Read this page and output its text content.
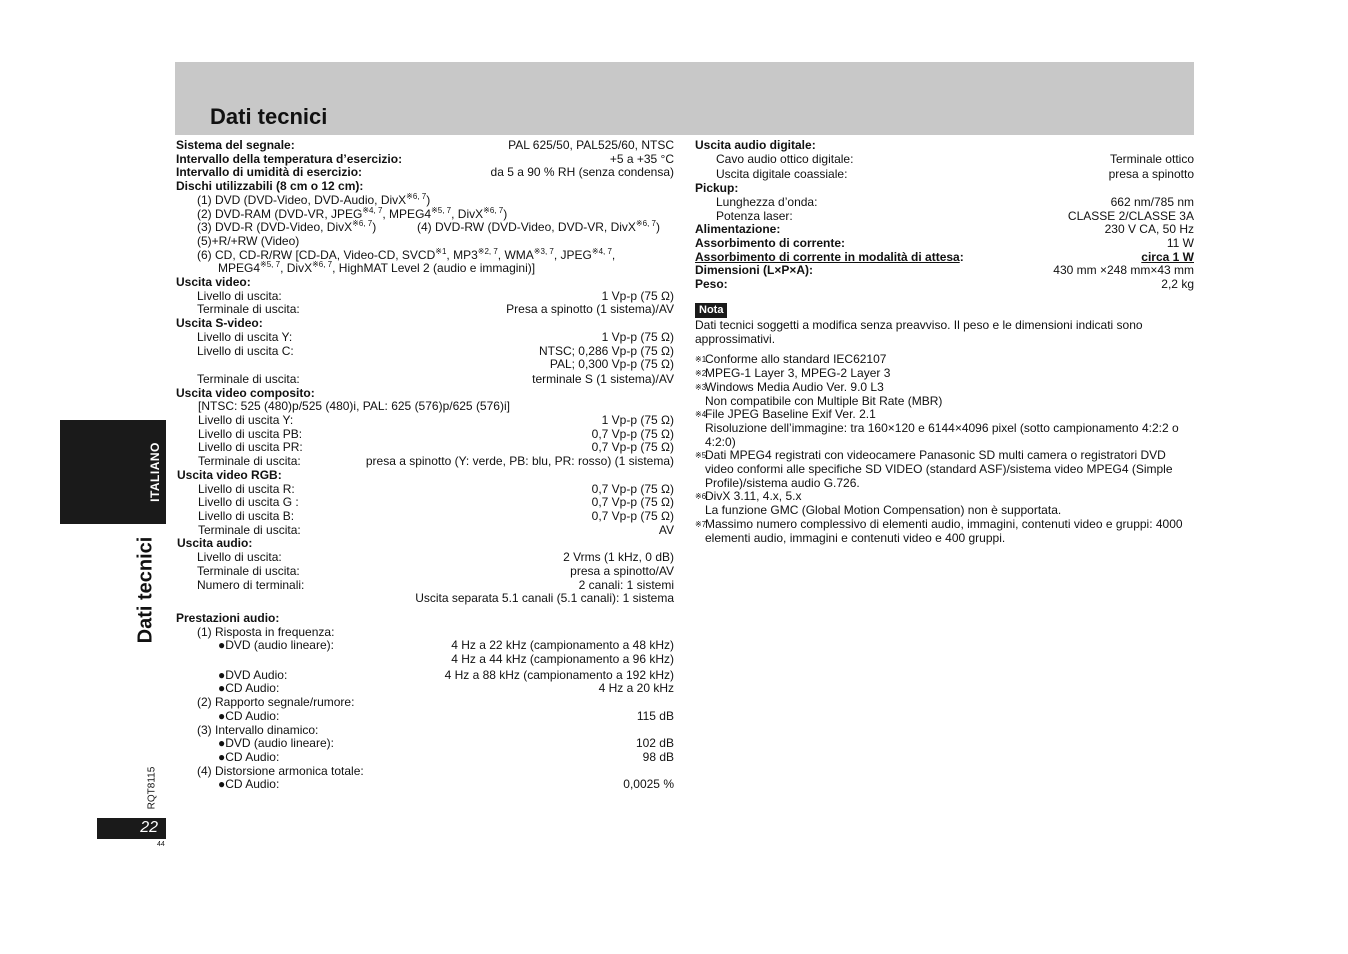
Dati tecnici
Sistema del segnale:	PAL 625/50, PAL525/60, NTSC
Intervallo della temperatura d’esercizio:	+5 a +35 °C
Intervallo di umidità di esercizio:	da 5 a 90 % RH (senza condensa)
Dischi utilizzabili (8 cm o 12 cm):
(1) DVD (DVD-Video, DVD-Audio, DivX$^{※6, 7}$)
(2) DVD-RAM (DVD-VR, JPEG$^{※4, 7}$, MPEG4$^{※5, 7}$, DivX$^{※6, 7}$)
(3) DVD-R (DVD-Video, DivX$^{※6, 7}$)	(4) DVD-RW (DVD-Video, DVD-VR, DivX$^{※6, 7}$)
(5)+R/+RW (Video)
(6) CD, CD-R/RW [CD-DA, Video-CD, SVCD$^{※1}$, MP3$^{※2, 7}$, WMA$^{※3, 7}$, JPEG$^{※4, 7}$,
MPEG4$^{※5, 7}$, DivX$^{※6, 7}$, HighMAT Level 2 (audio e immagini)]
Uscita video:
Livello di uscita:	1 Vp-p (75 Ω)
Terminale di uscita:	Presa a spinotto (1 sistema)/AV
Uscita S-video:
Livello di uscita Y:	1 Vp-p (75 Ω)
Livello di uscita C:	NTSC; 0,286 Vp-p (75 Ω)
PAL; 0,300 Vp-p (75 Ω)
Terminale di uscita:	terminale S (1 sistema)/AV
Uscita video composito:
[NTSC: 525 (480)p/525 (480)i, PAL: 625 (576)p/625 (576)i]
Livello di uscita Y:	1 Vp-p (75 Ω)
Livello di uscita PB:	0,7 Vp-p (75 Ω)
Livello di uscita PR:	0,7 Vp-p (75 Ω)
Terminale di uscita:	presa a spinotto (Y: verde, PB: blu, PR: rosso) (1 sistema)
Uscita video RGB:
Livello di uscita R:	0,7 Vp-p (75 Ω)
Livello di uscita G :	0,7 Vp-p (75 Ω)
Livello di uscita B:	0,7 Vp-p (75 Ω)
Terminale di uscita:	AV
Uscita audio:
Livello di uscita:	2 Vrms (1 kHz, 0 dB)
Terminale di uscita:	presa a spinotto/AV
Numero di terminali:	2 canali: 1 sistemi
Uscita separata 5.1 canali (5.1 canali): 1 sistema
Prestazioni audio:
(1) Risposta in frequenza:
●DVD (audio lineare):	4 Hz a 22 kHz (campionamento a 48 kHz)
4 Hz a 44 kHz (campionamento a 96 kHz)
●DVD Audio:	4 Hz a 88 kHz (campionamento a 192 kHz)
●CD Audio:	4 Hz a 20 kHz
(2) Rapporto segnale/rumore:
●CD Audio:	115 dB
(3) Intervallo dinamico:
●DVD (audio lineare):	102 dB
●CD Audio:	98 dB
(4) Distorsione armonica totale:
●CD Audio:	0,0025 %
Uscita audio digitale:
Cavo audio ottico digitale:	Terminale ottico
Uscita digitale coassiale:	presa a spinotto
Pickup:
Lunghezza d’onda:	662 nm/785 nm
Potenza laser:	CLASSE 2/CLASSE 3A
Alimentazione:	230 V CA, 50 Hz
Assorbimento di corrente:	11 W
Assorbimento di corrente in modalità di attesa:	circa 1 W
Dimensioni (L×P×A):	430 mm ×248 mm×43 mm
Peso:	2,2 kg
Nota
Dati tecnici soggetti a modifica senza preavviso. Il peso e le dimensioni indicati sono approssimativi.
※1
Conforme allo standard IEC62107
※2
MPEG-1 Layer 3, MPEG-2 Layer 3
※3
Windows Media Audio Ver. 9.0 L3
Non compatibile con Multiple Bit Rate (MBR)
※4
File JPEG Baseline Exif Ver. 2.1
Risoluzione dell’immagine: tra 160×120 e 6144×4096 pixel (sotto campionamento 4:2:2 o 4:2:0)
※5
Dati MPEG4 registrati con videocamere Panasonic SD multi camera o registratori DVD video conformi alle specifiche SD VIDEO (standard ASF)/sistema video MPEG4 (Simple Profile)/sistema audio G.726.
※6
DivX 3.11, 4.x, 5.x
La funzione GMC (Global Motion Compensation) non è supportata.
※7
Massimo numero complessivo di elementi audio, immagini, contenuti video e gruppi: 4000 elementi audio, immagini e contenuti video e 400 gruppi.
ITALIANO
Dati tecnici
RQT8115
22
44
